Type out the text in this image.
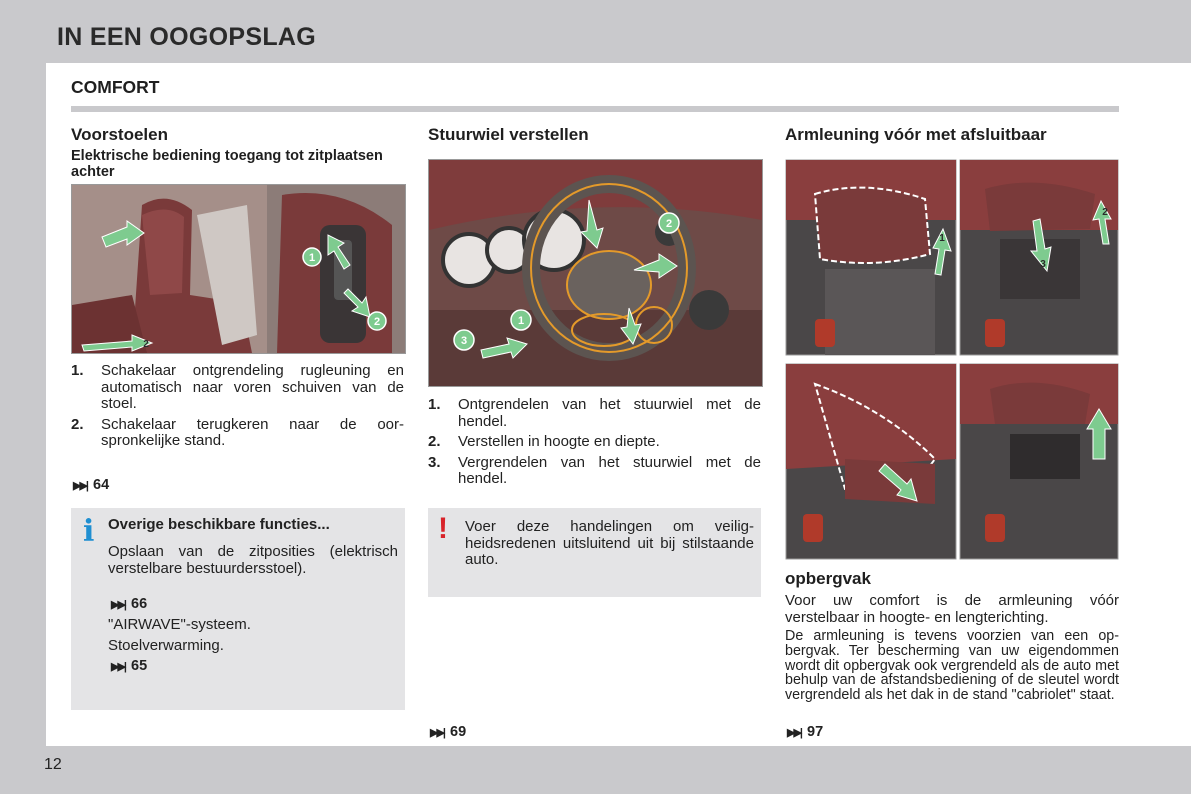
IN EEN OOGOPSLAG
12
COMFORT
Voorstoelen
Elektrische bediening toegang tot zitplaatsen achter
1
2
2
1. Schakelaar ontgrendeling rugleuning en automatisch naar voren schuiven van de stoel.
2. Schakelaar terugkeren naar de oorspronkelijke stand.
▶▶| 64
i Overige beschikbare functies...
Opslaan van de zitposities (elektrisch verstelbare bestuurdersstoel).
▶▶| 66
"AIRWAVE"-systeem.
Stoelverwarming.
▶▶| 65
Stuurwiel verstellen
1
2
3
1. Ontgrendelen van het stuurwiel met de hendel.
2. Verstellen in hoogte en diepte.
3. Vergrendelen van het stuurwiel met de hendel.
! Voer deze handelingen om veiligheidsredenen uitsluitend uit bij stilstaande auto.
▶▶| 69
Armleuning vóór met afsluitbaar
1
2
3
opbergvak
Voor uw comfort is de armleuning vóór verstelbaar in hoogte- en lengterichting.
De armleuning is tevens voorzien van een opbergvak. Ter bescherming van uw eigendommen wordt dit opbergvak ook vergrendeld als de auto met behulp van de afstandsbediening of de sleutel wordt vergrendeld als het dak in de stand "cabriolet" staat.
▶▶| 97
